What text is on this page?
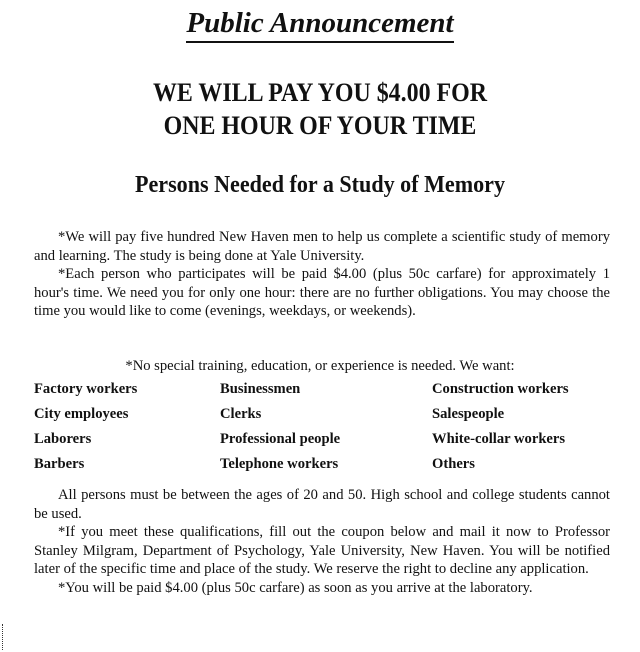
Public Announcement
WE WILL PAY YOU $4.00 FOR
ONE HOUR OF YOUR TIME
Persons Needed for a Study of Memory

*We will pay five hundred New Haven men to help us complete a scientific study of memory and learning. The study is being done at Yale University.

*Each person who participates will be paid $4.00 (plus 50c carfare) for approximately 1 hour's time. We need you for only one hour: there are no further obligations. You may choose the time you would like to come (evenings, weekdays, or weekends).

*No special training, education, or experience is needed. We want:
Factory workers	Businessmen	Construction workers
City employees	Clerks	Salespeople
Laborers	Professional people	White-collar workers
Barbers	Telephone workers	Others

All persons must be between the ages of 20 and 50. High school and college students cannot be used.

*If you meet these qualifications, fill out the coupon below and mail it now to Professor Stanley Milgram, Department of Psychology, Yale University, New Haven. You will be notified later of the specific time and place of the study. We reserve the right to decline any application.

*You will be paid $4.00 (plus 50c carfare) as soon as you arrive at the laboratory.
